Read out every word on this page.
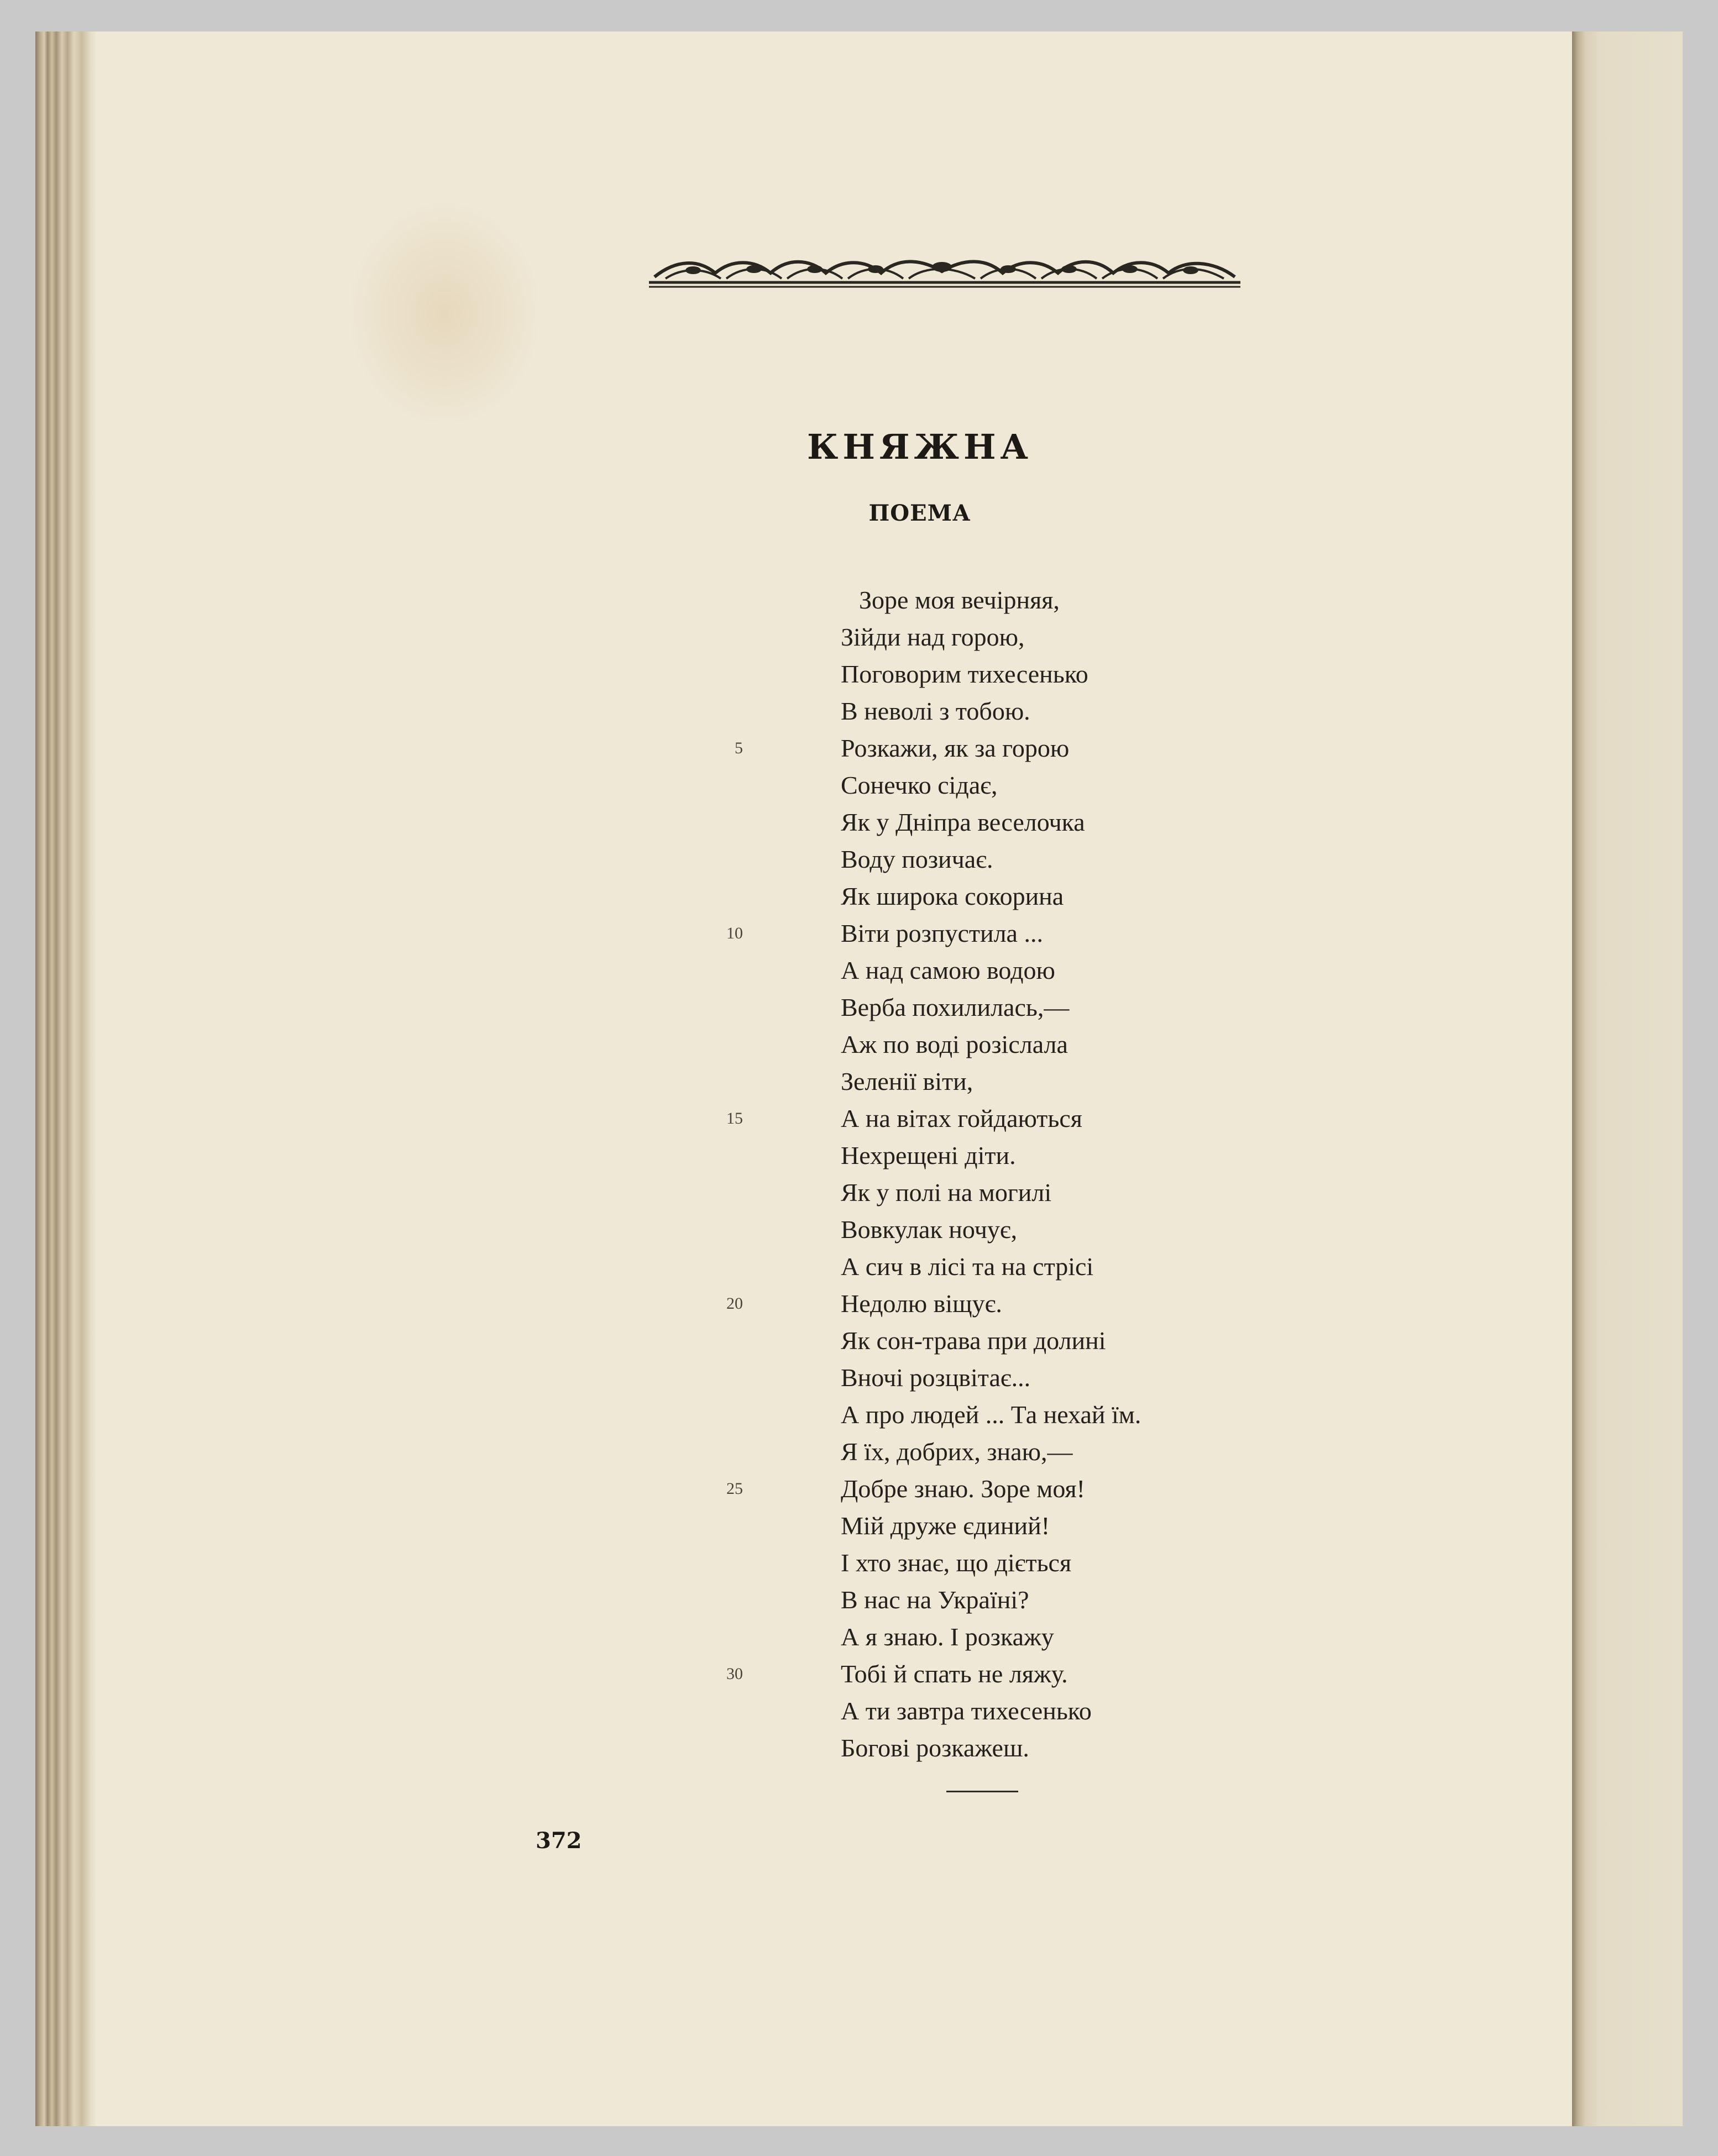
КНЯЖНА
ПОЕМА
Зоре моя вечірняя,
Зійди над горою,
Поговорим тихесенько
В неволі з тобою.
5	Розкажи, як за горою
Сонечко сідає,
Як у Дніпра веселочка
Воду позичає.
Як широка сокорина
10	Віти розпустила ...
А над самою водою
Верба похилилась,—
Аж по воді розіслала
Зеленії віти,
15	А на вітах гойдаються
Нехрещені діти.
Як у полі на могилі
Вовкулак ночує,
А сич в лісі та на стрісі
20	Недолю віщує.
Як сон-трава при долині
Вночі розцвітає...
А про людей ... Та нехай їм.
Я їх, добрих, знаю,—
25	Добре знаю. Зоре моя!
Мій друже єдиний!
І хто знає, що діється
В нас на Україні?
А я знаю. І розкажу
30	Тобі й спать не ляжу.
А ти завтра тихесенько
Богові розкажеш.
372
